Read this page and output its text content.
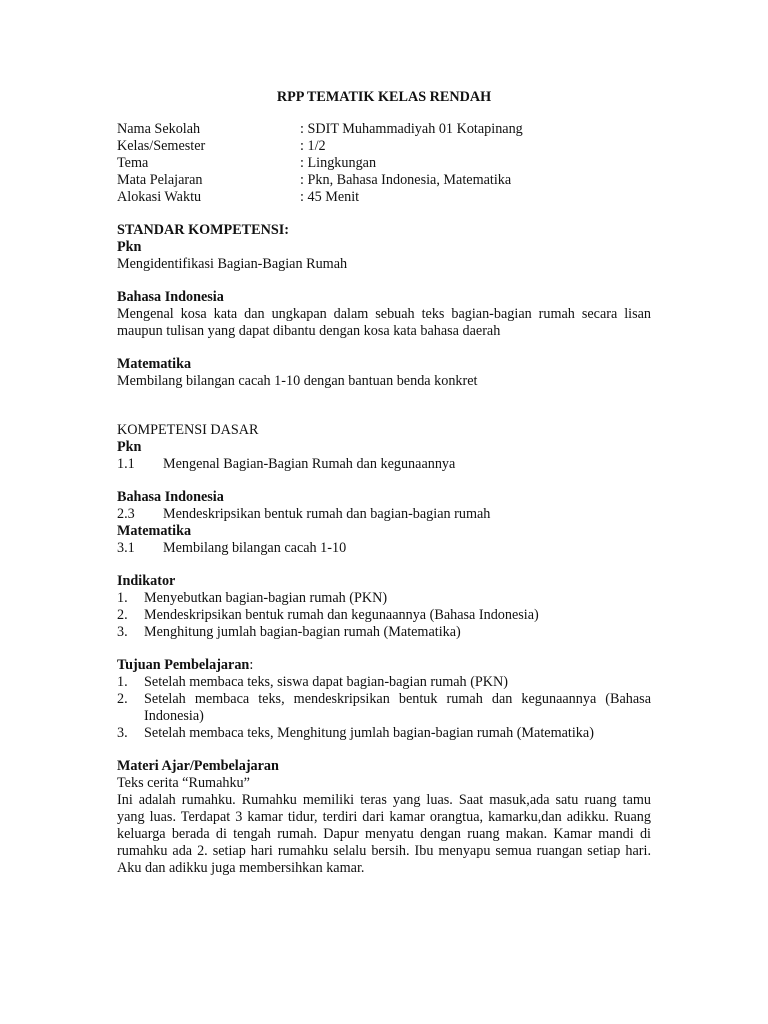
RPP TEMATIK KELAS RENDAH
Nama Sekolah	: SDIT Muhammadiyah 01 Kotapinang
Kelas/Semester	: 1/2
Tema	: Lingkungan
Mata Pelajaran	: Pkn, Bahasa Indonesia, Matematika
Alokasi Waktu	: 45 Menit
STANDAR KOMPETENSI:
Pkn

Mengidentifikasi Bagian-Bagian Rumah

Bahasa Indonesia

Mengenal kosa kata dan ungkapan dalam sebuah teks bagian-bagian rumah secara lisan maupun tulisan yang dapat dibantu dengan kosa kata bahasa daerah

Matematika

Membilang bilangan cacah 1-10 dengan bantuan benda konkret

KOMPETENSI DASAR
Pkn
1.1	Mengenal Bagian-Bagian Rumah dan kegunaannya
Bahasa Indonesia
2.3	Mendeskripsikan bentuk rumah dan bagian-bagian rumah
Matematika
3.1	Membilang bilangan cacah 1-10
Indikator
1.	Menyebutkan bagian-bagian rumah (PKN)
2.	Mendeskripsikan bentuk rumah dan kegunaannya (Bahasa Indonesia)
3.	Menghitung jumlah bagian-bagian rumah (Matematika)
Tujuan Pembelajaran:
1.	Setelah membaca teks, siswa dapat bagian-bagian rumah (PKN)
2.	Setelah membaca teks, mendeskripsikan bentuk rumah dan kegunaannya (Bahasa Indonesia)
3.	Setelah membaca teks, Menghitung jumlah bagian-bagian rumah (Matematika)
Materi Ajar/Pembelajaran

Teks cerita “Rumahku”

Ini adalah rumahku. Rumahku memiliki teras yang luas. Saat masuk,ada satu ruang tamu yang luas. Terdapat 3 kamar tidur, terdiri dari kamar orangtua, kamarku,dan adikku. Ruang keluarga berada di tengah rumah. Dapur menyatu dengan ruang makan. Kamar mandi di rumahku ada 2. setiap hari rumahku selalu bersih. Ibu menyapu semua ruangan setiap hari. Aku dan adikku juga membersihkan kamar.
